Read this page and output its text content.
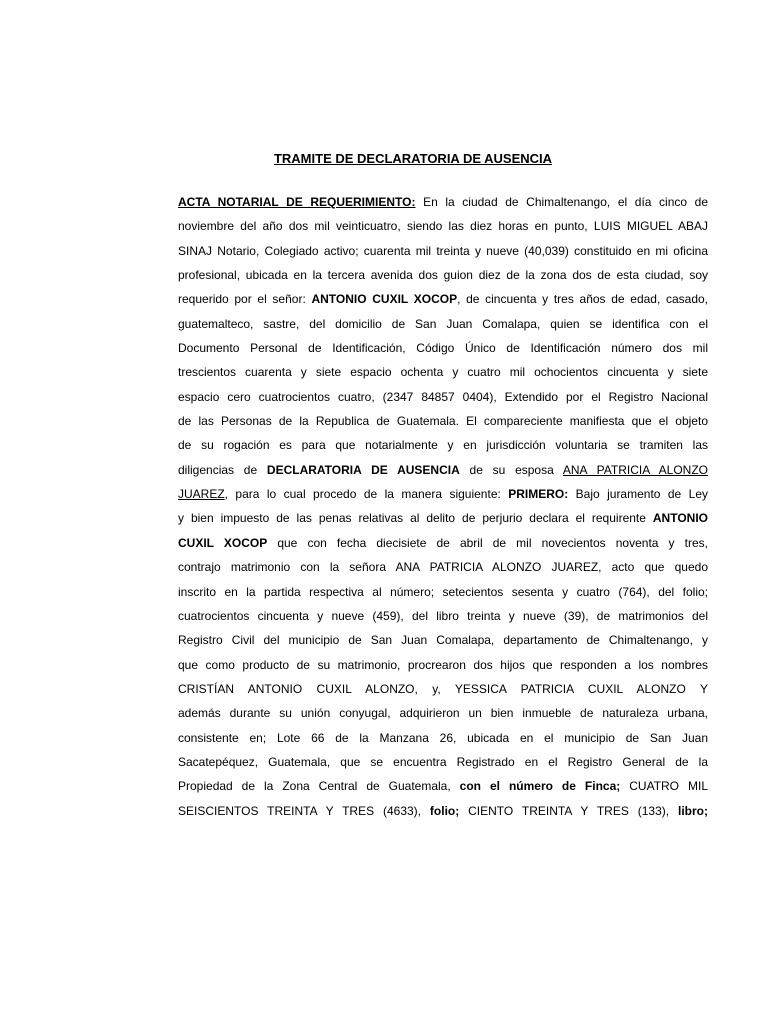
TRAMITE DE DECLARATORIA DE AUSENCIA
ACTA NOTARIAL DE REQUERIMIENTO: En la ciudad de Chimaltenango, el día cinco de
noviembre del año dos mil veinticuatro, siendo las diez horas en punto, LUIS MIGUEL ABAJ
SINAJ Notario, Colegiado activo; cuarenta mil treinta y nueve (40,039) constituido en mi oficina
profesional, ubicada en la tercera avenida dos guion diez de la zona dos de esta ciudad, soy
requerido por el señor: ANTONIO CUXIL XOCOP, de cincuenta y tres años de edad, casado,
guatemalteco, sastre, del domicilio de San Juan Comalapa, quien se identifica con el
Documento Personal de Identificación, Código Único de Identificación número dos mil
trescientos cuarenta y siete espacio ochenta y cuatro mil ochocientos cincuenta y siete
espacio cero cuatrocientos cuatro, (2347 84857 0404), Extendido por el Registro Nacional
de las Personas de la Republica de Guatemala. El compareciente manifiesta que el objeto
de su rogación es para que notarialmente y en jurisdicción voluntaria se tramiten las
diligencias de DECLARATORIA DE AUSENCIA de su esposa ANA PATRICIA ALONZO
JUAREZ, para lo cual procedo de la manera siguiente: PRIMERO: Bajo juramento de Ley
y bien impuesto de las penas relativas al delito de perjurio declara el requirente ANTONIO
CUXIL XOCOP que con fecha diecisiete de abril de mil novecientos noventa y tres,
contrajo matrimonio con la señora ANA PATRICIA ALONZO JUAREZ, acto que quedo
inscrito en la partida respectiva al número; setecientos sesenta y cuatro (764), del folio;
cuatrocientos cincuenta y nueve (459), del libro treinta y nueve (39), de matrimonios del
Registro Civil del municipio de San Juan Comalapa, departamento de Chimaltenango, y
que como producto de su matrimonio, procrearon dos hijos que responden a los nombres
CRISTÍAN ANTONIO CUXIL ALONZO, y, YESSICA PATRICIA CUXIL ALONZO Y
además durante su unión conyugal, adquirieron un bien inmueble de naturaleza urbana,
consistente en; Lote 66 de la Manzana 26, ubicada en el municipio de San Juan
Sacatepéquez, Guatemala, que se encuentra Registrado en el Registro General de la
Propiedad de la Zona Central de Guatemala, con el número de Finca; CUATRO MIL
SEISCIENTOS TREINTA Y TRES (4633), folio; CIENTO TREINTA Y TRES (133), libro;
